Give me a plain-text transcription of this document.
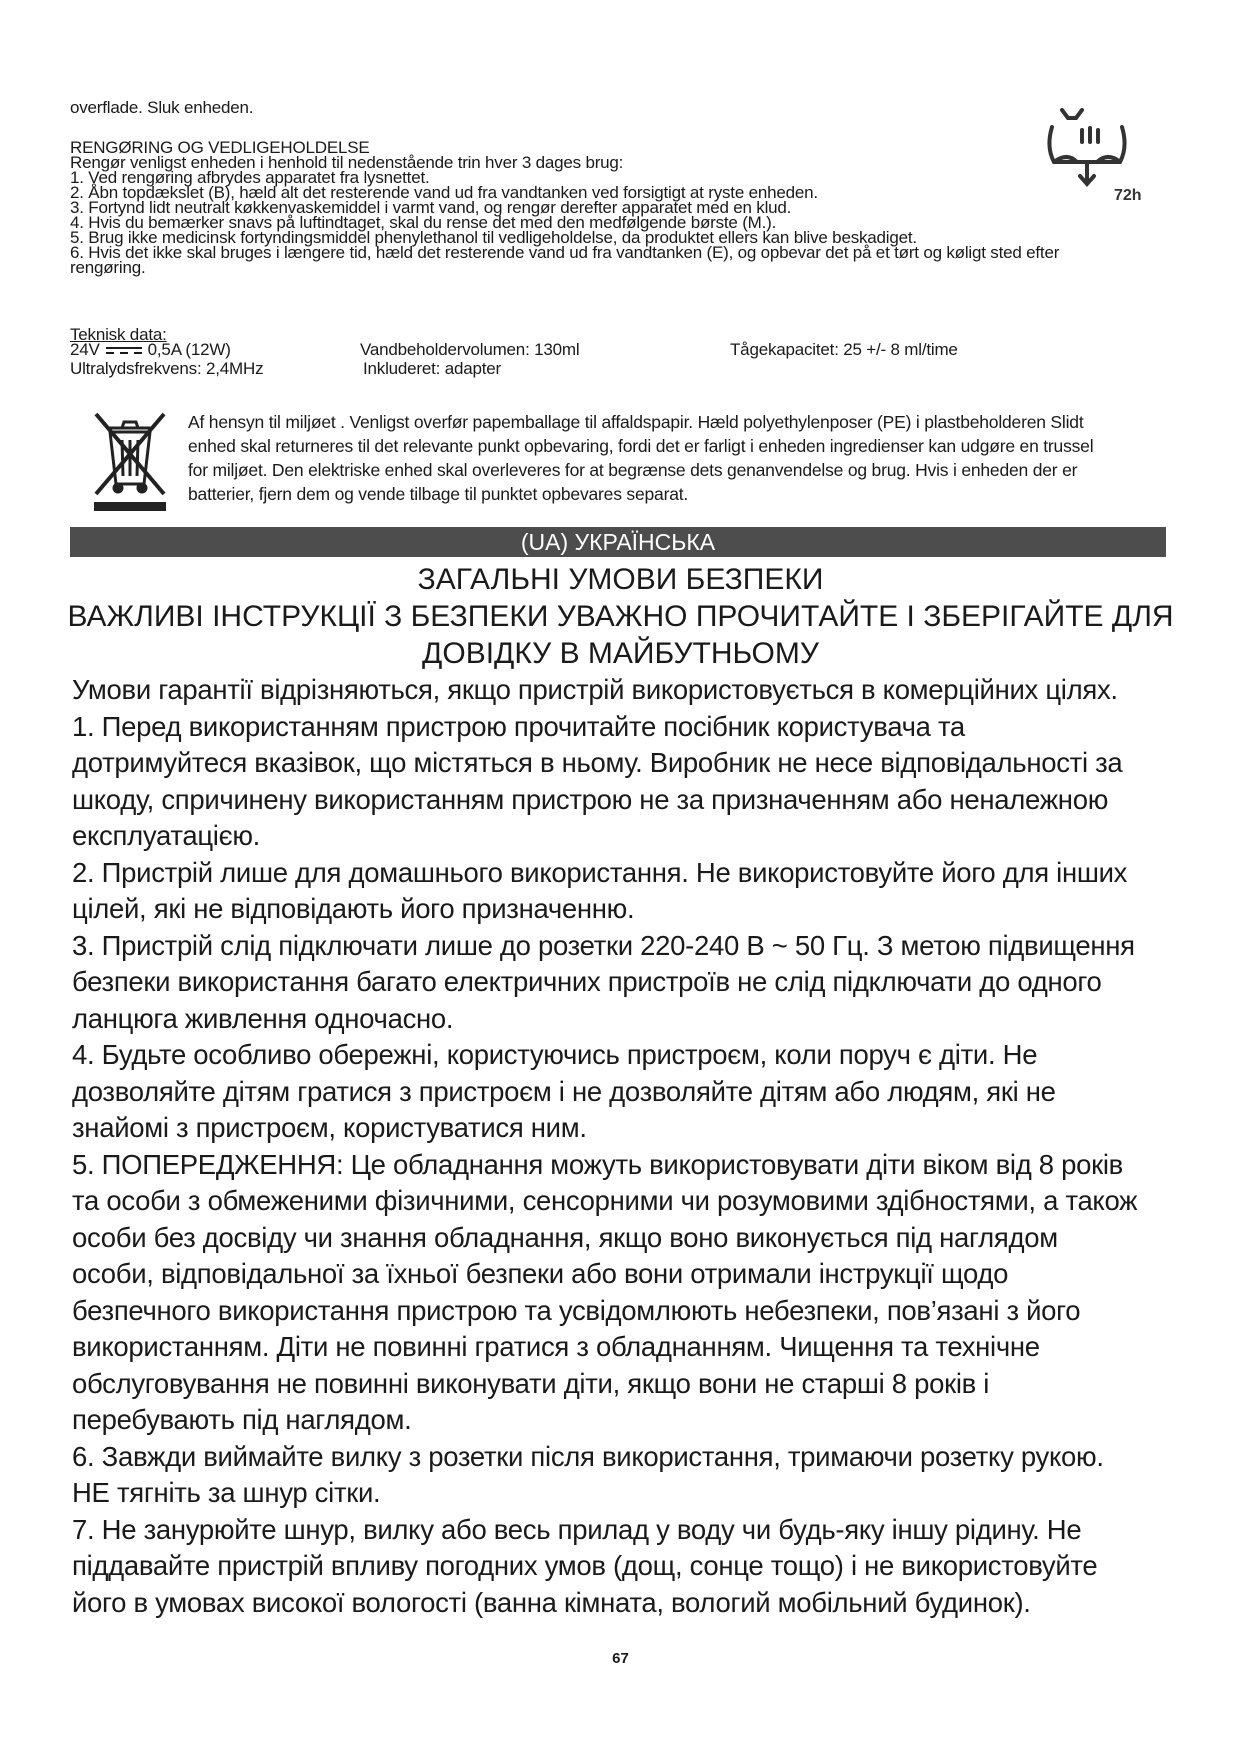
overflade. Sluk enheden.
RENGØRING OG VEDLIGEHOLDELSE
Rengør venligst enheden i henhold til nedenstående trin hver 3 dages brug:
1. Ved rengøring afbrydes apparatet fra lysnettet.
2. Åbn topdækslet (B), hæld alt det resterende vand ud fra vandtanken ved forsigtigt at ryste enheden.
3. Fortynd lidt neutralt køkkenvaskemiddel i varmt vand, og rengør derefter apparatet med en klud.
4. Hvis du bemærker snavs på luftindtaget, skal du rense det med den medfølgende børste (M.).
5. Brug ikke medicinsk fortyndingsmiddel phenylethanol til vedligeholdelse, da produktet ellers kan blive beskadiget.
6. Hvis det ikke skal bruges i længere tid, hæld det resterende vand ud fra vandtanken (E), og opbevar det på et tørt og køligt sted efter
rengøring.
72h
Teknisk data:
24V	0,5A (12W)	Vandbeholdervolumen: 130ml	Tågekapacitet: 25 +/- 8 ml/time
Ultralydsfrekvens: 2,4MHz	Inkluderet: adapter
Af hensyn til miljøet . Venligst overfør papemballage til affaldspapir. Hæld polyethylenposer (PE) i plastbeholderen Slidt
enhed skal returneres til det relevante punkt opbevaring, fordi det er farligt i enheden ingredienser kan udgøre en trussel
for miljøet. Den elektriske enhed skal overleveres for at begrænse dets genanvendelse og brug. Hvis i enheden der er
batterier, fjern dem og vende tilbage til punktet opbevares separat.
(UA) УКРАЇНСЬКА
ЗАГАЛЬНІ УМОВИ БЕЗПЕКИ
ВАЖЛИВІ ІНСТРУКЦІЇ З БЕЗПЕКИ УВАЖНО ПРОЧИТАЙТЕ І ЗБЕРІГАЙТЕ ДЛЯ
ДОВІДКУ В МАЙБУТНЬОМУ
Умови гарантії відрізняються, якщо пристрій використовується в комерційних цілях.
1. Перед використанням пристрою прочитайте посібник користувача та
дотримуйтеся вказівок, що містяться в ньому. Виробник не несе відповідальності за
шкоду, спричинену використанням пристрою не за призначенням або неналежною
експлуатацією.
2. Пристрій лише для домашнього використання. Не використовуйте його для інших
цілей, які не відповідають його призначенню.
3. Пристрій слід підключати лише до розетки 220-240 В ~ 50 Гц. З метою підвищення
безпеки використання багато електричних пристроїв не слід підключати до одного
ланцюга живлення одночасно.
4. Будьте особливо обережні, користуючись пристроєм, коли поруч є діти. Не
дозволяйте дітям гратися з пристроєм і не дозволяйте дітям або людям, які не
знайомі з пристроєм, користуватися ним.
5. ПОПЕРЕДЖЕННЯ: Це обладнання можуть використовувати діти віком від 8 років
та особи з обмеженими фізичними, сенсорними чи розумовими здібностями, а також
особи без досвіду чи знання обладнання, якщо воно виконується під наглядом
особи, відповідальної за їхньої безпеки або вони отримали інструкції щодо
безпечного використання пристрою та усвідомлюють небезпеки, пов’язані з його
використанням. Діти не повинні гратися з обладнанням. Чищення та технічне
обслуговування не повинні виконувати діти, якщо вони не старші 8 років і
перебувають під наглядом.
6. Завжди виймайте вилку з розетки після використання, тримаючи розетку рукою.
НЕ тягніть за шнур сітки.
7. Не занурюйте шнур, вилку або весь прилад у воду чи будь-яку іншу рідину. Не
піддавайте пристрій впливу погодних умов (дощ, сонце тощо) і не використовуйте
його в умовах високої вологості (ванна кімната, вологий мобільний будинок).
67
